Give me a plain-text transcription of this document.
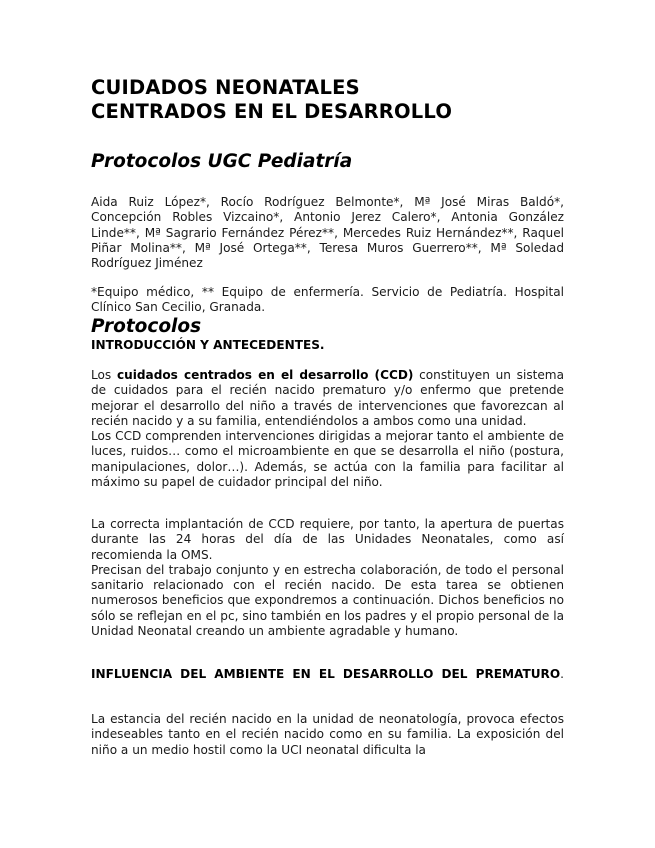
CUIDADOS NEONATALES
CENTRADOS EN EL DESARROLLO
Protocolos UGC Pediatría
Aida Ruiz López*, Rocío Rodríguez Belmonte*, Mª José Miras Baldó*, Concepción Robles Vizcaino*, Antonio Jerez Calero*, Antonia González Linde**, Mª Sagrario Fernández Pérez**, Mercedes Ruiz Hernández**, Raquel Piñar Molina**, Mª José Ortega**, Teresa Muros Guerrero**, Mª Soledad Rodríguez Jiménez
*Equipo médico, ** Equipo de enfermería. Servicio de Pediatría. Hospital Clínico San Cecilio, Granada.
Protocolos
INTRODUCCIÓN Y ANTECEDENTES.

Los cuidados centrados en el desarrollo (CCD) constituyen un sistema de cuidados para el recién nacido prematuro y/o enfermo que pretende mejorar el desarrollo del niño a través de intervenciones que favorezcan al recién nacido y a su familia, entendiéndolos a ambos como una unidad.

Los CCD comprenden intervenciones dirigidas a mejorar tanto el ambiente de luces, ruidos… como el microambiente en que se desarrolla el niño (postura, manipulaciones, dolor…). Además, se actúa con la familia para facilitar al máximo su papel de cuidador principal del niño.

La correcta implantación de CCD requiere, por tanto, la apertura de puertas durante las 24 horas del día de las Unidades Neonatales, como así recomienda la OMS.

Precisan del trabajo conjunto y en estrecha colaboración, de todo el personal sanitario relacionado con el recién nacido. De esta tarea se obtienen numerosos beneficios que expondremos a continuación. Dichos beneficios no sólo se reflejan en el pc, sino también en los padres y el propio personal de la Unidad Neonatal creando un ambiente agradable y humano.

INFLUENCIA DEL AMBIENTE EN EL DESARROLLO DEL PREMATURO.
La estancia del recién nacido en la unidad de neonatología, provoca efectos indeseables tanto en el recién nacido como en su familia. La exposición del niño a un medio hostil como la UCI neonatal dificulta la
